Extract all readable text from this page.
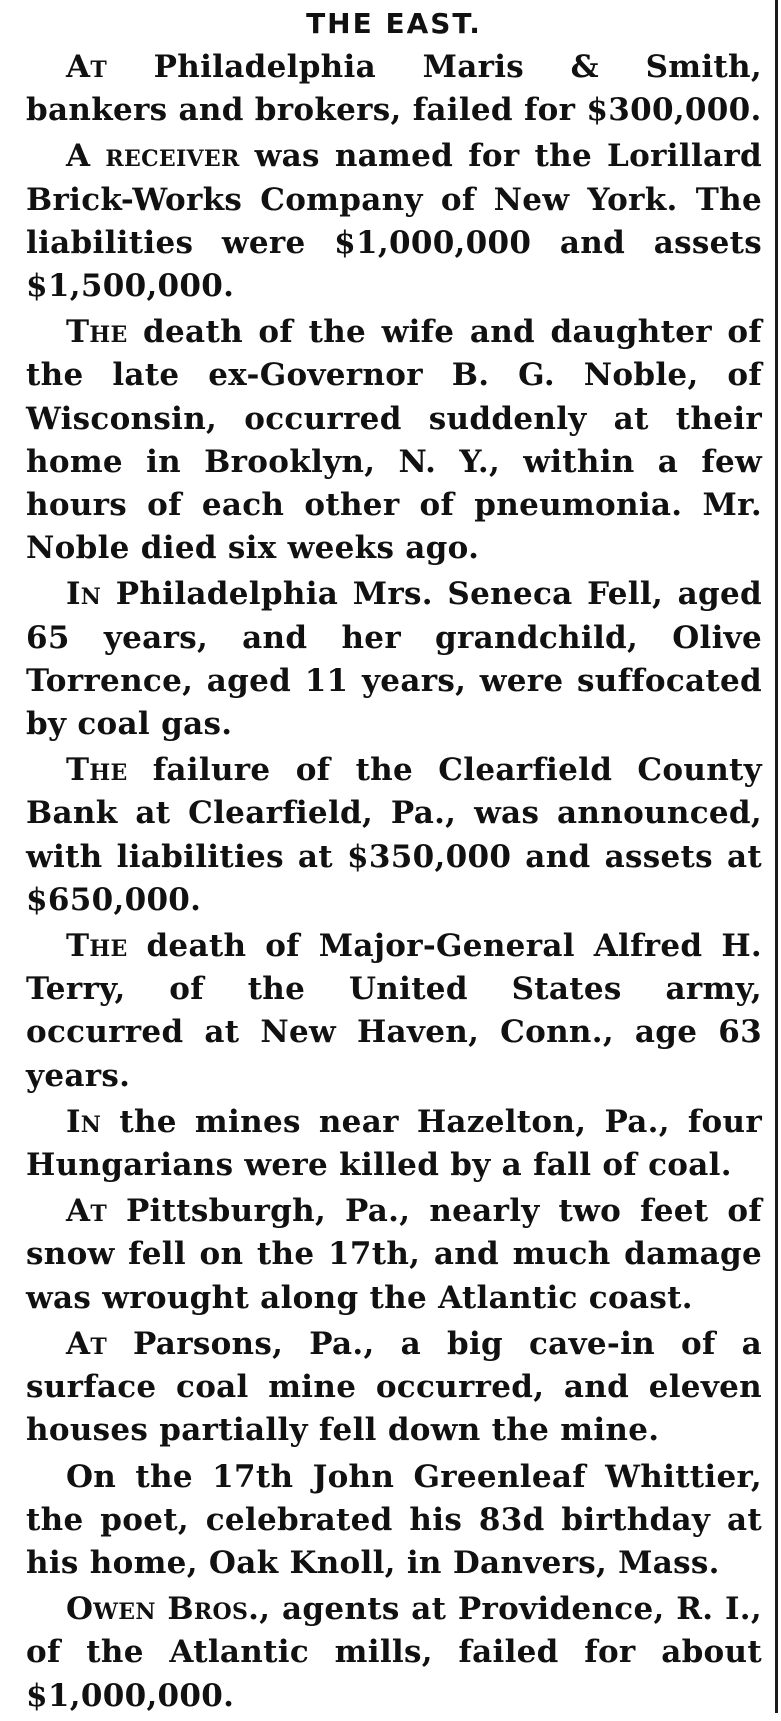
THE EAST.

At Philadelphia Maris & Smith, bankers and brokers, failed for $300,000.

A receiver was named for the Lorillard Brick-Works Company of New York. The liabilities were $1,000,000 and assets $1,500,000.

The death of the wife and daughter of the late ex-Governor B. G. Noble, of Wisconsin, occurred suddenly at their home in Brooklyn, N. Y., within a few hours of each other of pneumonia. Mr. Noble died six weeks ago.

In Philadelphia Mrs. Seneca Fell, aged 65 years, and her grandchild, Olive Torrence, aged 11 years, were suffocated by coal gas.

The failure of the Clearfield County Bank at Clearfield, Pa., was announced, with liabilities at $350,000 and assets at $650,000.

The death of Major-General Alfred H. Terry, of the United States army, occurred at New Haven, Conn., age 63 years.

In the mines near Hazelton, Pa., four Hungarians were killed by a fall of coal.

At Pittsburgh, Pa., nearly two feet of snow fell on the 17th, and much damage was wrought along the Atlantic coast.

At Parsons, Pa., a big cave-in of a surface coal mine occurred, and eleven houses partially fell down the mine.

On the 17th John Greenleaf Whittier, the poet, celebrated his 83d birthday at his home, Oak Knoll, in Danvers, Mass.

Owen Bros., agents at Providence, R. I., of the Atlantic mills, failed for about $1,000,000.
